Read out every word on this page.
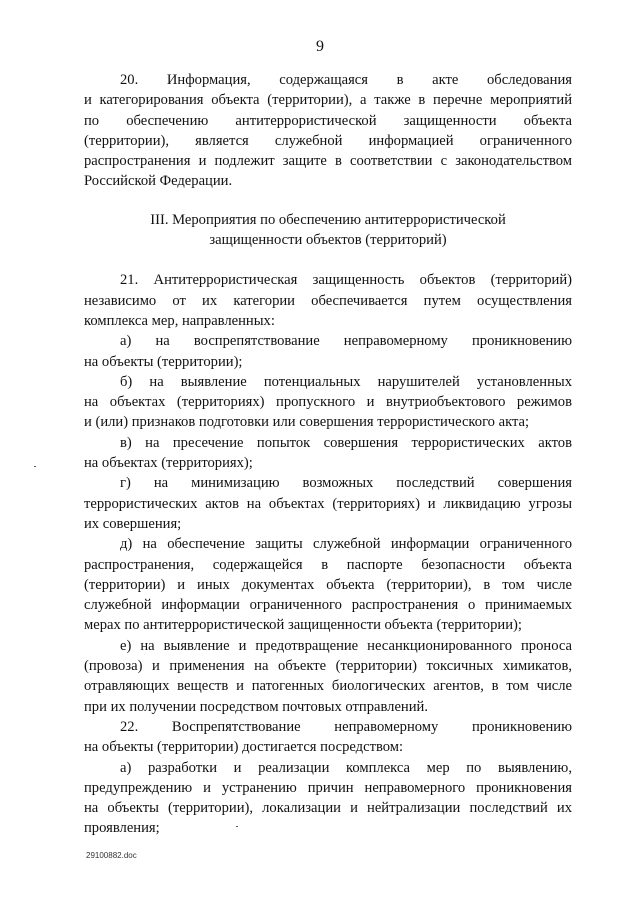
9

20. Информация, содержащаяся в акте обследования

и категорирования объекта (территории), а также в перечне мероприятий

по обеспечению антитеррористической защищенности объекта

(территории), является служебной информацией ограниченного

распространения и подлежит защите в соответствии с законодательством

Российской Федерации.

III. Мероприятия по обеспечению антитеррористической

защищенности объектов (территорий)

21. Антитеррористическая защищенность объектов (территорий)

независимо от их категории обеспечивается путем осуществления

комплекса мер, направленных:

а) на воспрепятствование неправомерному проникновению

на объекты (территории);

б) на выявление потенциальных нарушителей установленных

на объектах (территориях) пропускного и внутриобъектового режимов

и (или) признаков подготовки или совершения террористического акта;

в) на пресечение попыток совершения террористических актов

на объектах (территориях);

г) на минимизацию возможных последствий совершения

террористических актов на объектах (территориях) и ликвидацию угрозы

их совершения;

д) на обеспечение защиты служебной информации ограниченного

распространения, содержащейся в паспорте безопасности объекта

(территории) и иных документах объекта (территории), в том числе

служебной информации ограниченного распространения о принимаемых

мерах по антитеррористической защищенности объекта (территории);

е) на выявление и предотвращение несанкционированного проноса

(провоза) и применения на объекте (территории) токсичных химикатов,

отравляющих веществ и патогенных биологических агентов, в том числе

при их получении посредством почтовых отправлений.

22. Воспрепятствование неправомерному проникновению

на объекты (территории) достигается посредством:

а) разработки и реализации комплекса мер по выявлению,

предупреждению и устранению причин неправомерного проникновения

на объекты (территории), локализации и нейтрализации последствий их

проявления;

29100882.doc
